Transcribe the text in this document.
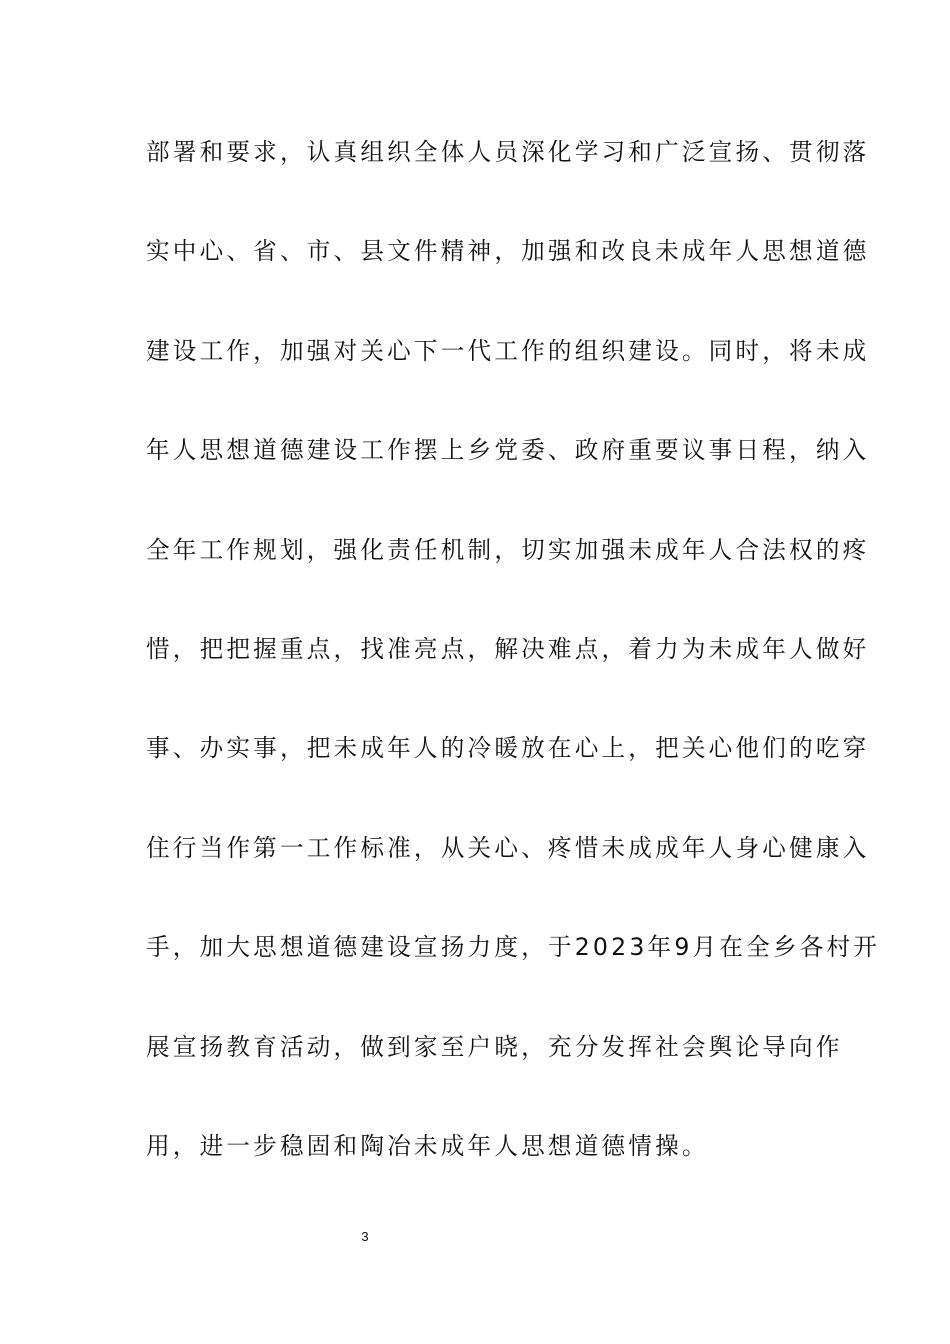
部署和要求，认真组织全体人员深化学习和广泛宣扬、贯彻落
实中心、省、市、县文件精神，加强和改良未成年人思想道德
建设工作，加强对关心下一代工作的组织建设。同时，将未成
年人思想道德建设工作摆上乡党委、政府重要议事日程，纳入
全年工作规划，强化责任机制，切实加强未成年人合法权的疼
惜，把把握重点，找准亮点，解决难点，着力为未成年人做好
事、办实事，把未成年人的冷暖放在心上，把关心他们的吃穿
住行当作第一工作标准，从关心、疼惜未成成年人身心健康入
手，加大思想道德建设宣扬力度，于2023年9月在全乡各村开
展宣扬教育活动，做到家至户晓，充分发挥社会舆论导向作
用，进一步稳固和陶冶未成年人思想道德情操。
3
